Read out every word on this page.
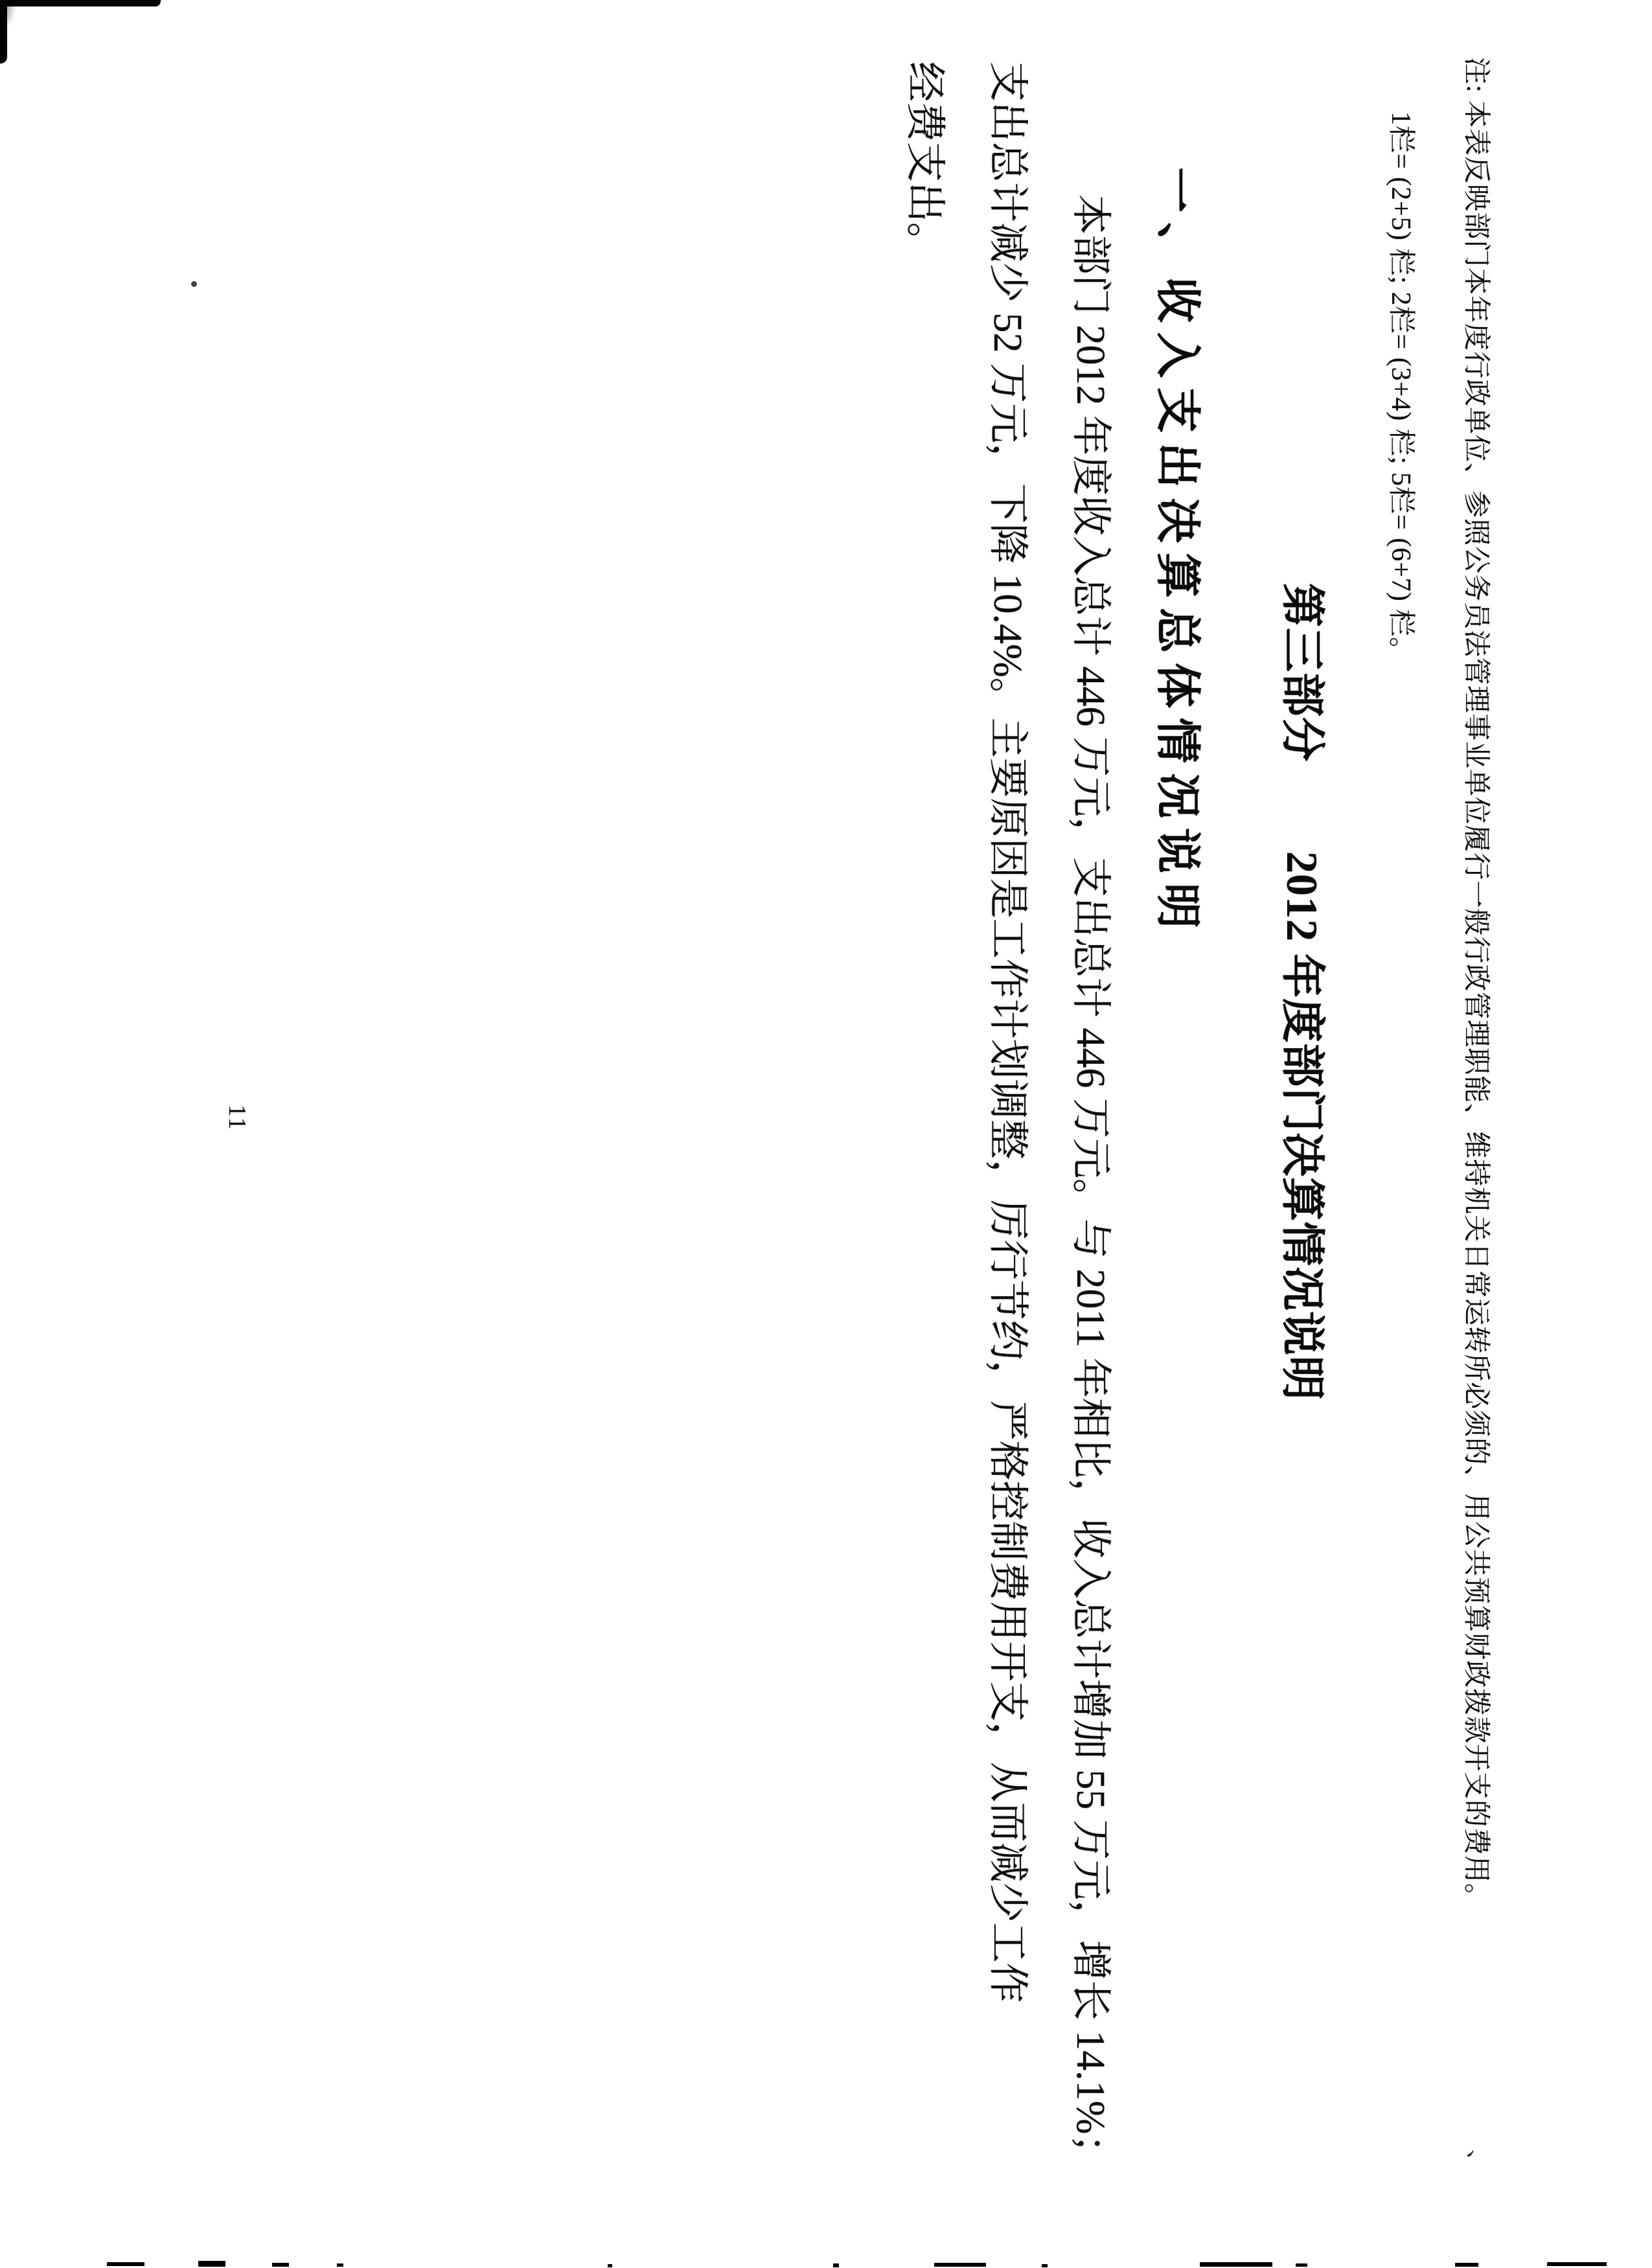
注: 本表反映部门本年度行政单位、参照公务员法管理事业单位履行一般行政管理职能、维持机关日常运转所必须的、用公共预算财政拨款开支的费用。
1栏= (2+5) 栏; 2栏= (3+4) 栏; 5栏= (6+7) 栏。
第三部分　　2012 年度部门决算情况说明
一、收入支出决算总体情况说明
本部门 2012 年度收入总计 446 万元，支出总计 446 万元。与 2011 年相比，收入总计增加 55 万元，增长 14.1%；
支出总计减少 52 万元，下降 10.4%。主要原因是工作计划调整，厉行节约，严格控制费用开支，从而减少工作
经费支出。
、
11
